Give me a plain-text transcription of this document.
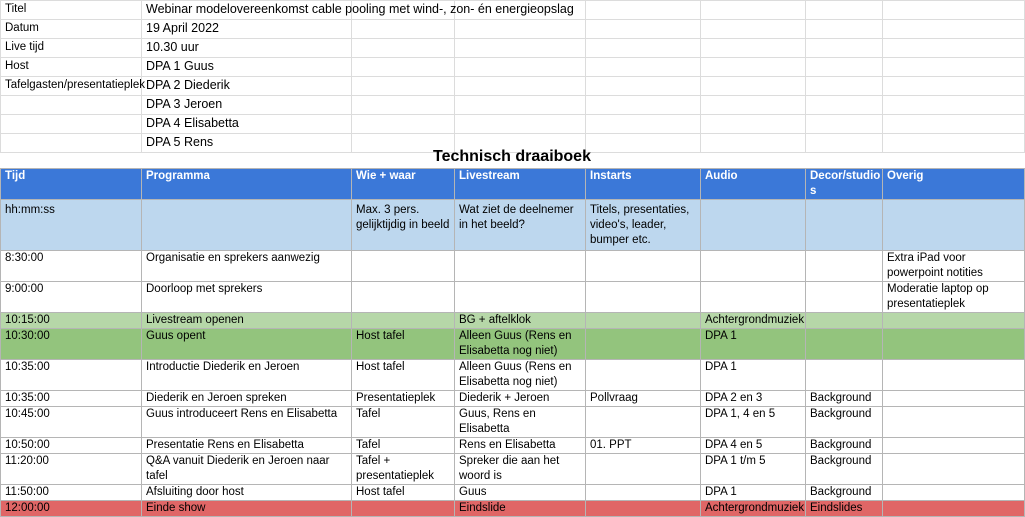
Titel	Webinar modelovereenkomst cable pooling met wind-, zon- én energieopslag						
Datum	19 April 2022						
Live tijd	10.30 uur						
Host	DPA 1 Guus						
Tafelgasten/presentatieplek	DPA 2 Diederik						
	DPA 3 Jeroen						
	DPA 4 Elisabetta						
	DPA 5 Rens						
Technisch draaiboek
Tijd	Programma	Wie + waar	Livestream	Instarts	Audio	Decor/studio s	Overig
hh:mm:ss		Max. 3 pers. gelijktijdig in beeld	Wat ziet de deelnemer in het beeld?	Titels, presentaties, video's, leader, bumper etc.			
8:30:00	Organisatie en sprekers aanwezig						Extra iPad voor powerpoint notities
9:00:00	Doorloop met sprekers						Moderatie laptop op presentatieplek
10:15:00	Livestream openen		BG + aftelklok		Achtergrondmuziek		
10:30:00	Guus opent	Host tafel	Alleen Guus (Rens en Elisabetta nog niet)		DPA 1		
10:35:00	Introductie Diederik en Jeroen	Host tafel	Alleen Guus (Rens en Elisabetta nog niet)		DPA 1		
10:35:00	Diederik en Jeroen spreken	Presentatieplek	Diederik + Jeroen	Pollvraag	DPA 2 en 3	Background	
10:45:00	Guus introduceert Rens en Elisabetta	Tafel	Guus, Rens en Elisabetta		DPA 1, 4 en 5	Background	
10:50:00	Presentatie Rens en Elisabetta	Tafel	Rens en Elisabetta	01. PPT	DPA 4 en 5	Background	
11:20:00	Q&A vanuit Diederik en Jeroen naar tafel	Tafel + presentatieplek	Spreker die aan het woord is		DPA 1 t/m 5	Background	
11:50:00	Afsluiting door host	Host tafel	Guus		DPA 1	Background	
12:00:00	Einde show		Eindslide		Achtergrondmuziek	Eindslides	
